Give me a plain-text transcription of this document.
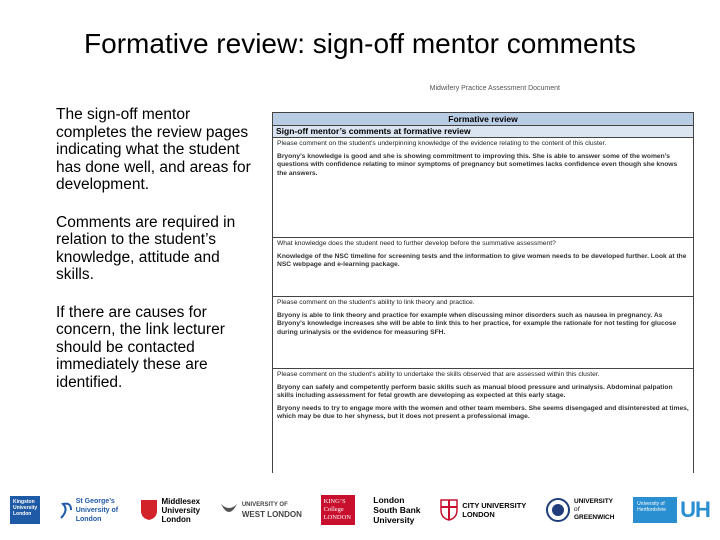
Formative review: sign-off mentor comments

The sign-off mentor completes the review pages indicating what the student has done well, and areas for development.

Comments are required in relation to the student’s knowledge, attitude and skills.

If there are causes for concern, the link lecturer should be contacted immediately these are identified.

Midwifery Practice Assessment Document
Formative review
Sign-off mentor’s comments at formative review
Please comment on the student’s underpinning knowledge of the evidence relating to the content of this cluster.
Bryony’s knowledge is good and she is showing commitment to improving this. She is able to answer some of the women’s questions with confidence relating to minor symptoms of pregnancy but sometimes lacks confidence even though she knows the answers.
What knowledge does the student need to further develop before the summative assessment?
Knowledge of the NSC timeline for screening tests and the information to give women needs to be developed further. Look at the NSC webpage and e-learning package.
Please comment on the student’s ability to link theory and practice.
Bryony is able to link theory and practice for example when discussing minor disorders such as nausea in pregnancy. As Bryony’s knowledge increases she will be able to link this to her practice, for example the rationale for not testing for glucose during urinalysis or the evidence for measuring SFH.
Please comment on the student’s ability to undertake the skills observed that are assessed within this cluster.
Bryony can safely and competently perform basic skills such as manual blood pressure and urinalysis. Abdominal palpation skills including assessment for fetal growth are developing as expected at this early stage.
Bryony needs to try to engage more with the women and other team members. She seems disengaged and disinterested at times, which may be due to her shyness, but it does not present a professional image.
Kingston University London
St George’s University of London
Middlesex
University
London
UNIVERSITY OF
WEST LONDON
KING’S College LONDON
London
South Bank
University
CITY UNIVERSITY
LONDON
UNIVERSITY
of
GREENWICH
University of Hertfordshire UH
